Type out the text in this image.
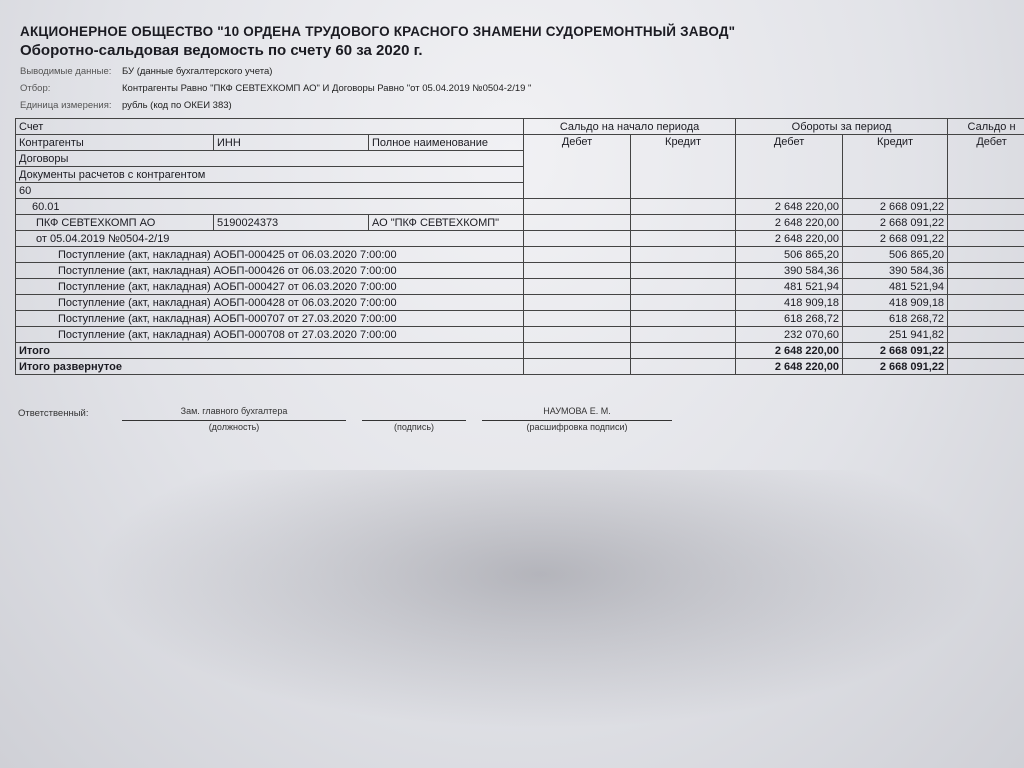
АКЦИОНЕРНОЕ ОБЩЕСТВО "10 ОРДЕНА ТРУДОВОГО КРАСНОГО ЗНАМЕНИ СУДОРЕМОНТНЫЙ ЗАВОД"
Оборотно-сальдовая ведомость по счету 60 за 2020 г.
Выводимые данные: БУ (данные бухгалтерского учета)
Отбор:	Контрагенты Равно "ПКФ СЕВТЕХКОМП АО" И Договоры Равно "от 05.04.2019 №0504-2/19 "
Единица измерения: рубль (код по ОКЕИ 383)
Счет			Сальдо на начало периода		Обороты за период		Сальдо н	
Контрагенты	ИНН	Полное наименование	Дебет	Кредит	Дебет	Кредит	Дебет	
Договоры								
Документы расчетов с контрагентом								
60					
60.01					2 648 220,00	2 668 091,22		
ПКФ СЕВТЕХКОМП АО	5190024373	АО "ПКФ СЕВТЕХКОМП"			2 648 220,00	2 668 091,22		
от 05.04.2019 №0504-2/19					2 648 220,00	2 668 091,22		
Поступление (акт, накладная) АОБП-000425 от 06.03.2020 7:00:00					506 865,20	506 865,20		
Поступление (акт, накладная) АОБП-000426 от 06.03.2020 7:00:00					390 584,36	390 584,36		
Поступление (акт, накладная) АОБП-000427 от 06.03.2020 7:00:00					481 521,94	481 521,94		
Поступление (акт, накладная) АОБП-000428 от 06.03.2020 7:00:00					418 909,18	418 909,18		
Поступление (акт, накладная) АОБП-000707 от 27.03.2020 7:00:00					618 268,72	618 268,72		
Поступление (акт, накладная) АОБП-000708 от 27.03.2020 7:00:00					232 070,60	251 941,82		
Итого					2 648 220,00	2 668 091,22		
Итого развернутое					2 648 220,00	2 668 091,22		
Ответственный:	Зам. главного бухгалтера
(должность)	(подпись)
НАУМОВА Е. М.
(расшифровка подписи)
